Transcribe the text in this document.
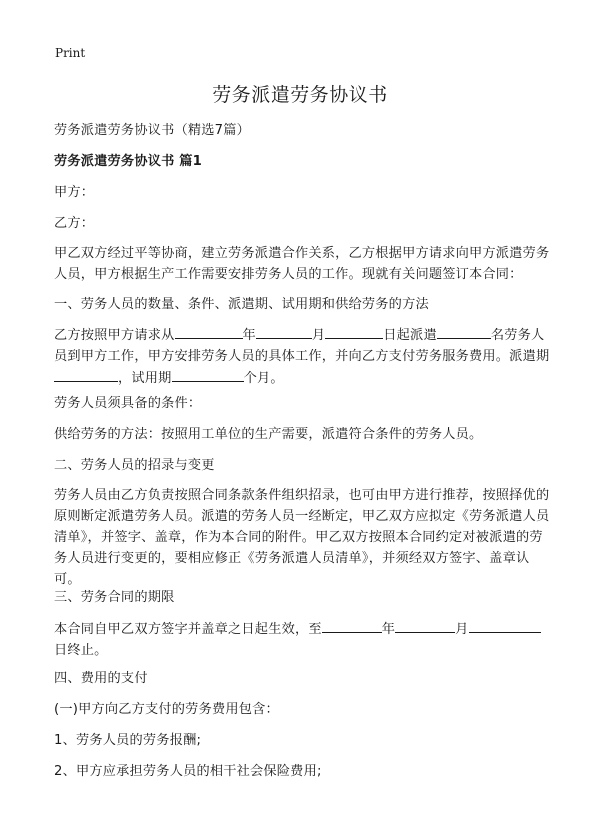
Print
劳务派遣劳务协议书

劳务派遣劳务协议书（精选7篇）

劳务派遣劳务协议书 篇1

甲方：

乙方：

甲乙双方经过平等协商，建立劳务派遣合作关系，乙方根据甲方请求向甲方派遣劳务人员，甲方根据生产工作需要安排劳务人员的工作。现就有关问题签订本合同：

一、劳务人员的数量、条件、派遣期、试用期和供给劳务的方法

乙方按照甲方请求从	年	月	日起派遣	名劳务人员到甲方工作，甲方安排劳务人员的具体工作，并向乙方支付劳务服务费用。派遣期，试用期	个月。

劳务人员须具备的条件：

供给劳务的方法：按照用工单位的生产需要，派遣符合条件的劳务人员。

二、劳务人员的招录与变更

劳务人员由乙方负责按照合同条款条件组织招录，也可由甲方进行推荐，按照择优的原则断定派遣劳务人员。派遣的劳务人员一经断定，甲乙双方应拟定《劳务派遣人员清单》，并签字、盖章，作为本合同的附件。甲乙双方按照本合同约定对被派遣的劳务人员进行变更的，要相应修正《劳务派遣人员清单》，并须经双方签字、盖章认可。

三、劳务合同的期限

本合同自甲乙双方签字并盖章之日起生效，至	年	月日终止。

四、费用的支付

(一)甲方向乙方支付的劳务费用包含：

1、劳务人员的劳务报酬;

2、甲方应承担劳务人员的相干社会保险费用;
